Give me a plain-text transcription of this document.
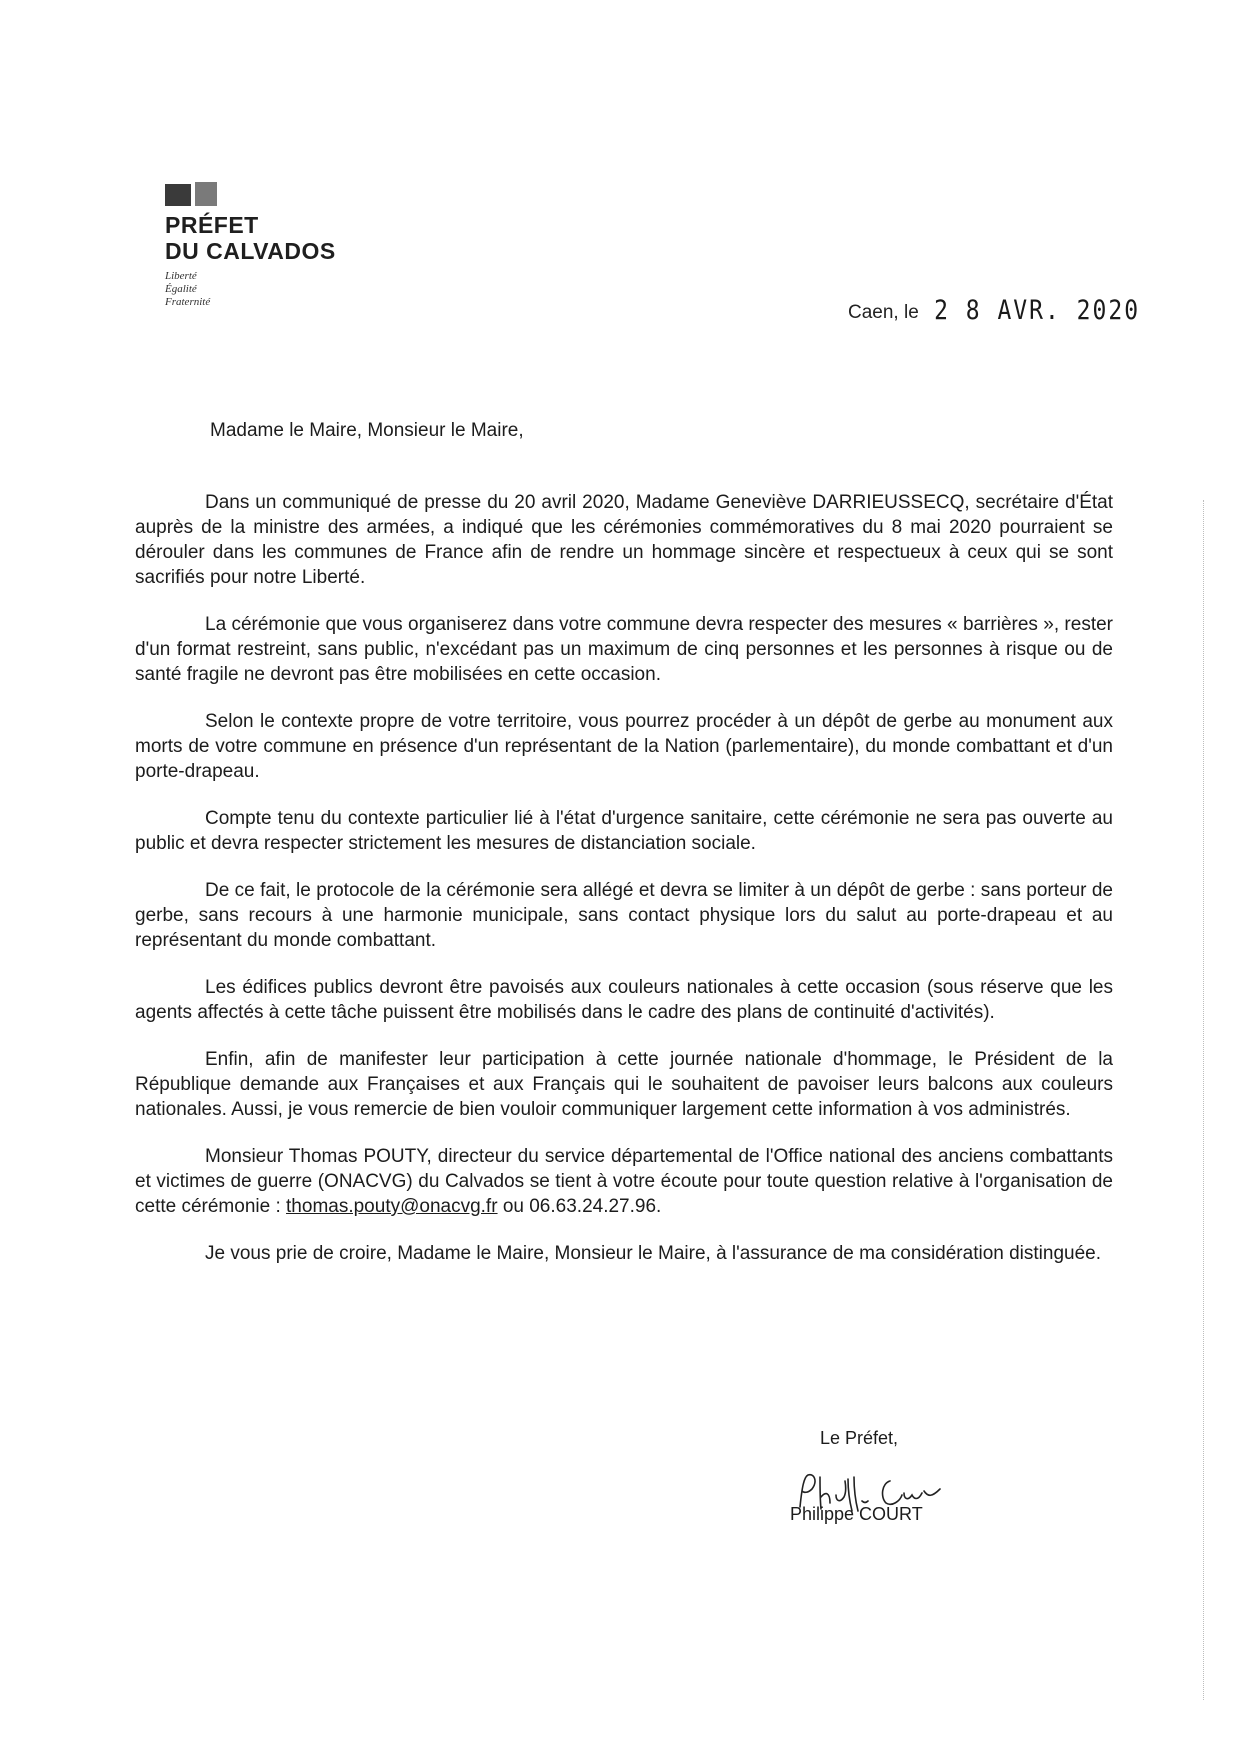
PRÉFET
DU CALVADOS
Liberté
Égalité
Fraternité	Caen, le 2 8 AVR. 2020
Madame le Maire, Monsieur le Maire,

Dans un communiqué de presse du 20 avril 2020, Madame Geneviève DARRIEUSSECQ, secrétaire d'État auprès de la ministre des armées, a indiqué que les cérémonies commémoratives du 8 mai 2020 pourraient se dérouler dans les communes de France afin de rendre un hommage sincère et respectueux à ceux qui se sont sacrifiés pour notre Liberté.

La cérémonie que vous organiserez dans votre commune devra respecter des mesures « barrières », rester d'un format restreint, sans public, n'excédant pas un maximum de cinq personnes et les personnes à risque ou de santé fragile ne devront pas être mobilisées en cette occasion.

Selon le contexte propre de votre territoire, vous pourrez procéder à un dépôt de gerbe au monument aux morts de votre commune en présence d'un représentant de la Nation (parlementaire), du monde combattant et d'un porte-drapeau.

Compte tenu du contexte particulier lié à l'état d'urgence sanitaire, cette cérémonie ne sera pas ouverte au public et devra respecter strictement les mesures de distanciation sociale.

De ce fait, le protocole de la cérémonie sera allégé et devra se limiter à un dépôt de gerbe : sans porteur de gerbe, sans recours à une harmonie municipale, sans contact physique lors du salut au porte-drapeau et au représentant du monde combattant.

Les édifices publics devront être pavoisés aux couleurs nationales à cette occasion (sous réserve que les agents affectés à cette tâche puissent être mobilisés dans le cadre des plans de continuité d'activités).

Enfin, afin de manifester leur participation à cette journée nationale d'hommage, le Président de la République demande aux Françaises et aux Français qui le souhaitent de pavoiser leurs balcons aux couleurs nationales. Aussi, je vous remercie de bien vouloir communiquer largement cette information à vos administrés.

Monsieur Thomas POUTY, directeur du service départemental de l'Office national des anciens combattants et victimes de guerre (ONACVG) du Calvados se tient à votre écoute pour toute question relative à l'organisation de cette cérémonie : thomas.pouty@onacvg.fr ou 06.63.24.27.96.

Je vous prie de croire, Madame le Maire, Monsieur le Maire, à l'assurance de ma considération distinguée.

Le Préfet,
Philippe COURT
